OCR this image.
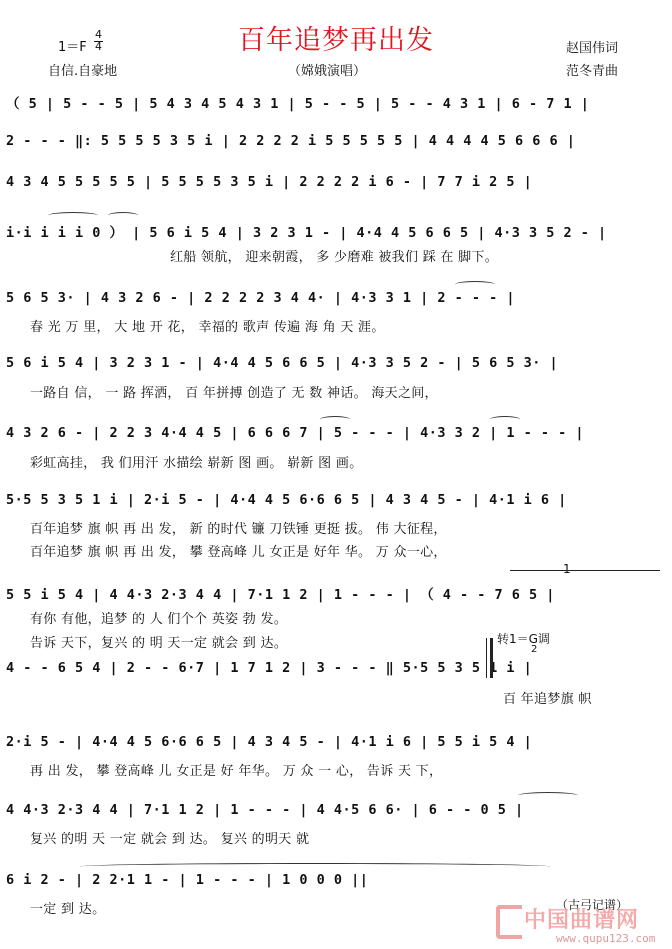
百年追梦再出发
1＝F
4
4	赵国伟词
自信.自豪地	（嫦娥演唱）	范冬青曲
（ 5 | 5 - - 5 | 5 4 3 4 5 4 3 1 | 5 - - 5 | 5 - - 4 3 1 | 6 - 7 1 |
2 - - - ‖: 5 5 5 5 3 5 i | 2 2 2 2 i 5 5 5 5 5 | 4 4 4 4 5 6 6 6 |
4 3 4 5 5 5 5 5 | 5 5 5 5 3 5 i | 2 2 2 2 i 6 - | 7 7 i 2 5 |
i·i i i i 0 ） | 5 6 i 5 4 | 3 2 3 1 - | 4·4 4 5 6 6 5 | 4·3 3 5 2 - |
红船 领航， 迎来朝霞， 多 少磨难 被我们 踩 在 脚下。
5 6 5 3· | 4 3 2 6 - | 2 2 2 2 3 4 4· | 4·3 3 1 | 2 - - - |
春 光 万 里， 大 地 开 花， 幸福的 歌声 传遍 海 角 天 涯。
5 6 i 5 4 | 3 2 3 1 - | 4·4 4 5 6 6 5 | 4·3 3 5 2 - | 5 6 5 3· |
一路自 信， 一 路 挥洒， 百 年拼搏 创造了 无 数 神话。 海天之间，
4 3 2 6 - | 2 2 3 4·4 4 5 | 6 6 6 7 | 5 - - - | 4·3 3 2 | 1 - - - |
彩虹高挂， 我 们用汗 水描绘 崭新 图 画。 崭新 图 画。
5·5 5 3 5 1 i | 2·i 5 - | 4·4 4 5 6·6 6 5 | 4 3 4 5 - | 4·1 i 6 |
百年追梦 旗 帜 再 出 发， 新 的时代 镰 刀铁锤 更挺 拔。 伟 大征程，
百年追梦 旗 帜 再 出 发， 攀 登高峰 儿 女正是 好年 华。 万 众一心，
5 5 i 5 4 | 4 4·3 2·3 4 4 | 7·1 1 2 | 1 - - - | （ 4 - - 7 6 5 |
有你 有他，追梦 的 人 们个个 英姿 勃 发。
告诉 天下，复兴 的 明 天一定 就会 到 达。
1
转1＝G调
2
4 - - 6 5 4 | 2 - - 6·7 | 1 7 1 2 | 3 - - - ‖ 5·5 5 3 5 1 i |
百 年追梦旗 帜
2·i 5 - | 4·4 4 5 6·6 6 5 | 4 3 4 5 - | 4·1 i 6 | 5 5 i 5 4 |
再 出 发， 攀 登高峰 儿 女正是 好 年华。 万 众 一 心， 告诉 天 下，
4 4·3 2·3 4 4 | 7·1 1 2 | 1 - - - | 4 4·5 6 6· | 6 - - 0 5 |
复兴 的明 天 一定 就会 到 达。 复兴 的明天 就
6 i 2 - | 2 2·1 1 - | 1 - - - | 1 0 0 0 ||
一定 到 达。	（古弓记谱）
中国曲谱网
www.qupu123.com
